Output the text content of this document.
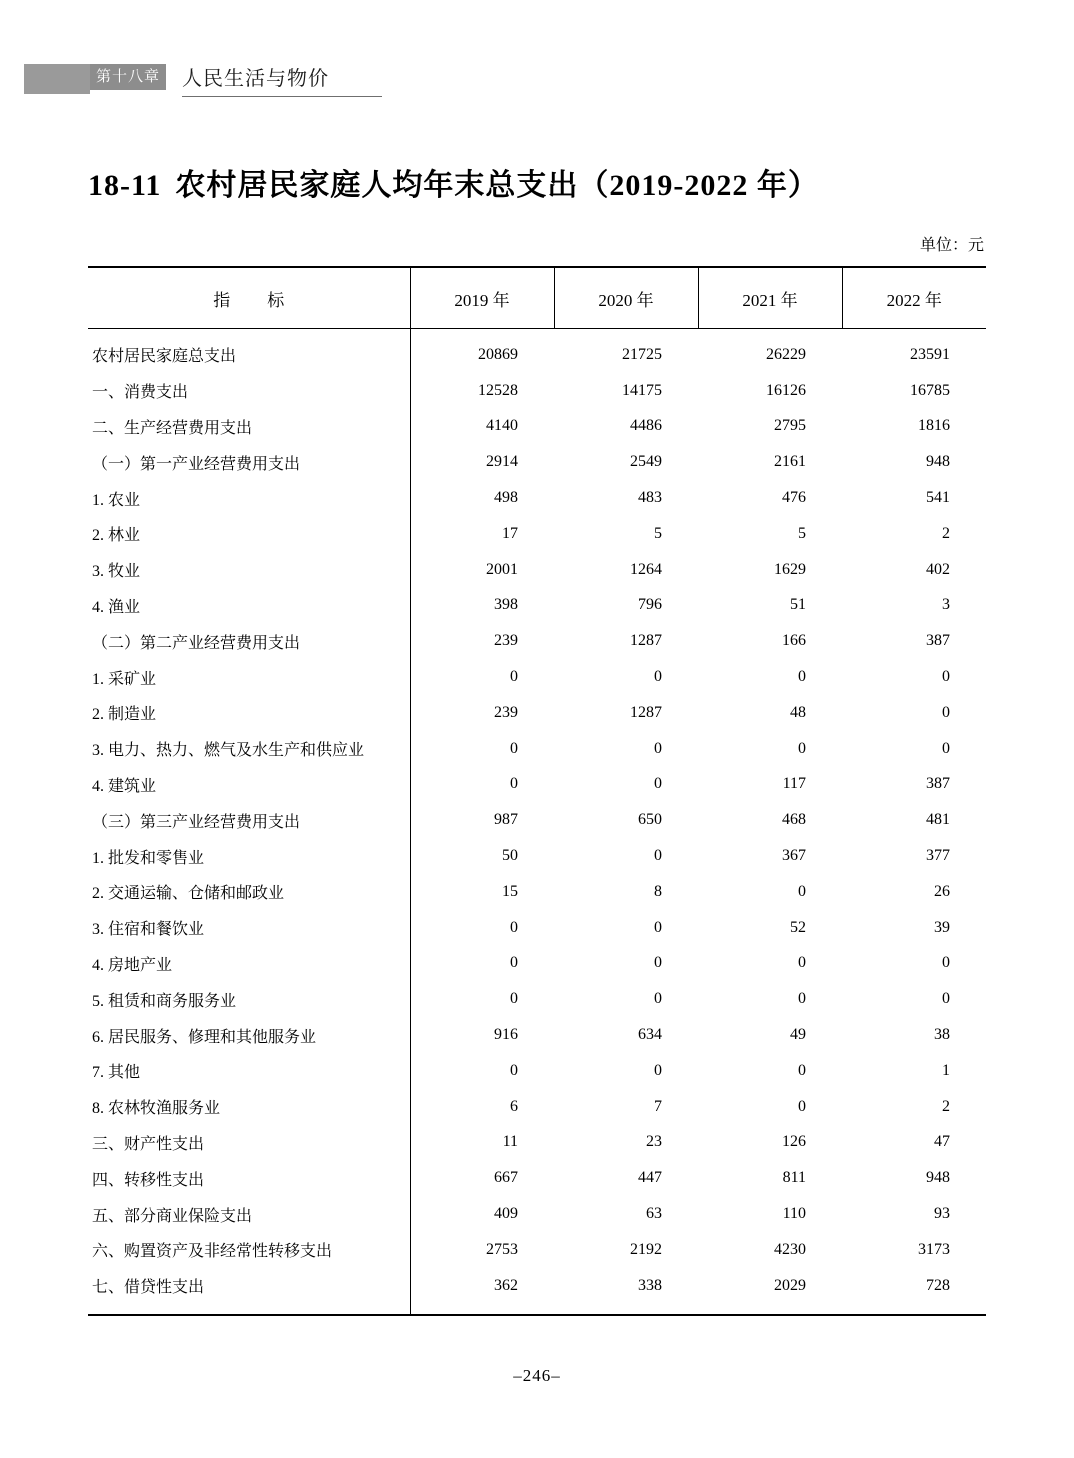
第十八章	人民生活与物价
18-11 农村居民家庭人均年末总支出（2019-2022 年）
单位：元
指　标	2019 年	2020 年	2021 年	2022 年
农村居民家庭总支出	20869	21725	26229	23591
一、消费支出	12528	14175	16126	16785
二、生产经营费用支出	4140	4486	2795	1816
（一）第一产业经营费用支出	2914	2549	2161	948
1. 农业	498	483	476	541
2. 林业	17	5	5	2
3. 牧业	2001	1264	1629	402
4. 渔业	398	796	51	3
（二）第二产业经营费用支出	239	1287	166	387
1. 采矿业	0	0	0	0
2. 制造业	239	1287	48	0
3. 电力、热力、燃气及水生产和供应业	0	0	0	0
4. 建筑业	0	0	117	387
（三）第三产业经营费用支出	987	650	468	481
1. 批发和零售业	50	0	367	377
2. 交通运输、仓储和邮政业	15	8	0	26
3. 住宿和餐饮业	0	0	52	39
4. 房地产业	0	0	0	0
5. 租赁和商务服务业	0	0	0	0
6. 居民服务、修理和其他服务业	916	634	49	38
7. 其他	0	0	0	1
8. 农林牧渔服务业	6	7	0	2
三、财产性支出	11	23	126	47
四、转移性支出	667	447	811	948
五、部分商业保险支出	409	63	110	93
六、购置资产及非经常性转移支出	2753	2192	4230	3173
七、借贷性支出	362	338	2029	728
–246–
